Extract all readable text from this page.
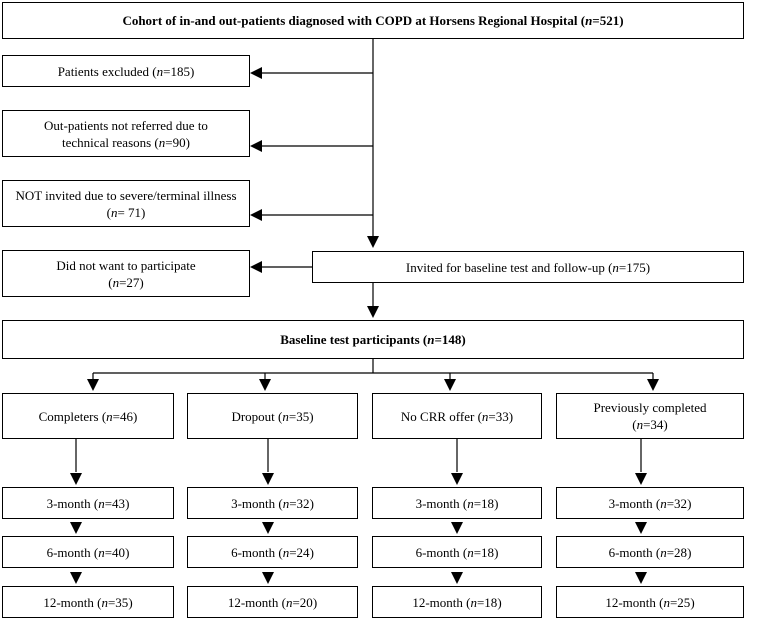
Cohort of in-and out-patients diagnosed with COPD at Horsens Regional Hospital (n=521)
Patients excluded (n=185)
Out-patients not referred due to technical reasons (n=90)
NOT invited due to severe/terminal illness (n= 71)
Did not want to participate (n=27)
Invited for baseline test and follow-up (n=175)
Baseline test participants (n=148)
Completers (n=46)	Dropout (n=35)	No CRR offer (n=33)
Previously completed (n=34)
3-month (n=43)
6-month (n=40)
12-month (n=35)
3-month (n=32)
6-month (n=24)
12-month (n=20)
3-month (n=18)
6-month (n=18)
12-month (n=18)
3-month (n=32)
6-month (n=28)
12-month (n=25)
